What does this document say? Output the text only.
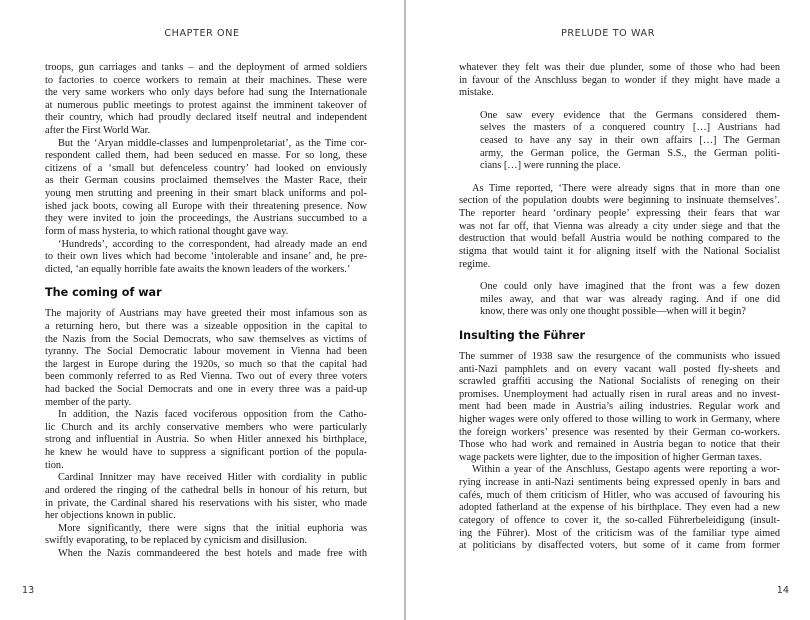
CHAPTER ONE
troops, gun carriages and tanks – and the deployment of armed soldiers
to factories to coerce workers to remain at their machines. These were
the very same workers who only days before had sung the Internationale
at numerous public meetings to protest against the imminent takeover of
their country, which had proudly declared itself neutral and independent
after the First World War.
But the ‘Aryan middle-classes and lumpenproletariat’, as the Time cor-
respondent called them, had been seduced en masse. For so long, these
citizens of a ‘small but defenceless country’ had looked on enviously
as their German cousins proclaimed themselves the Master Race, their
young men strutting and preening in their smart black uniforms and pol-
ished jack boots, cowing all Europe with their threatening presence. Now
they were invited to join the proceedings, the Austrians succumbed to a
form of mass hysteria, to which rational thought gave way.
‘Hundreds’, according to the correspondent, had already made an end
to their own lives which had become ‘intolerable and insane’ and, he pre-
dicted, ‘an equally horrible fate awaits the known leaders of the workers.’
The coming of war
The majority of Austrians may have greeted their most infamous son as
a returning hero, but there was a sizeable opposition in the capital to
the Nazis from the Social Democrats, who saw themselves as victims of
tyranny. The Social Democratic labour movement in Vienna had been
the largest in Europe during the 1920s, so much so that the capital had
been commonly referred to as Red Vienna. Two out of every three voters
had backed the Social Democrats and one in every three was a paid-up
member of the party.
In addition, the Nazis faced vociferous opposition from the Catho-
lic Church and its archly conservative members who were particularly
strong and influential in Austria. So when Hitler annexed his birthplace,
he knew he would have to suppress a significant portion of the popula-
tion.
Cardinal Innitzer may have received Hitler with cordiality in public
and ordered the ringing of the cathedral bells in honour of his return, but
in private, the Cardinal shared his reservations with his sister, who made
her objections known in public.
More significantly, there were signs that the initial euphoria was
swiftly evaporating, to be replaced by cynicism and disillusion.
When the Nazis commandeered the best hotels and made free with
13
PRELUDE TO WAR
whatever they felt was their due plunder, some of those who had been
in favour of the Anschluss began to wonder if they might have made a
mistake.
One saw every evidence that the Germans considered them-
selves the masters of a conquered country […] Austrians had
ceased to have any say in their own affairs […] The German
army, the German police, the German S.S., the German politi-
cians […] were running the place.
As Time reported, ‘There were already signs that in more than one
section of the population doubts were beginning to insinuate themselves’.
The reporter heard ‘ordinary people’ expressing their fears that war
was not far off, that Vienna was already a city under siege and that the
destruction that would befall Austria would be nothing compared to the
stigma that would taint it for aligning itself with the National Socialist
regime.
One could only have imagined that the front was a few dozen
miles away, and that war was already raging. And if one did
know, there was only one thought possible—when will it begin?
Insulting the Führer
The summer of 1938 saw the resurgence of the communists who issued
anti-Nazi pamphlets and on every vacant wall posted fly-sheets and
scrawled graffiti accusing the National Socialists of reneging on their
promises. Unemployment had actually risen in rural areas and no invest-
ment had been made in Austria’s ailing industries. Regular work and
higher wages were only offered to those willing to work in Germany, where
the foreign workers’ presence was resented by their German co-workers.
Those who had work and remained in Austria began to notice that their
wage packets were lighter, due to the imposition of higher German taxes.
Within a year of the Anschluss, Gestapo agents were reporting a wor-
rying increase in anti-Nazi sentiments being expressed openly in bars and
cafés, much of them criticism of Hitler, who was accused of favouring his
adopted fatherland at the expense of his birthplace. They even had a new
category of offence to cover it, the so-called Führerbeleidigung (insult-
ing the Führer). Most of the criticism was of the familiar type aimed
at politicians by disaffected voters, but some of it came from former
14
